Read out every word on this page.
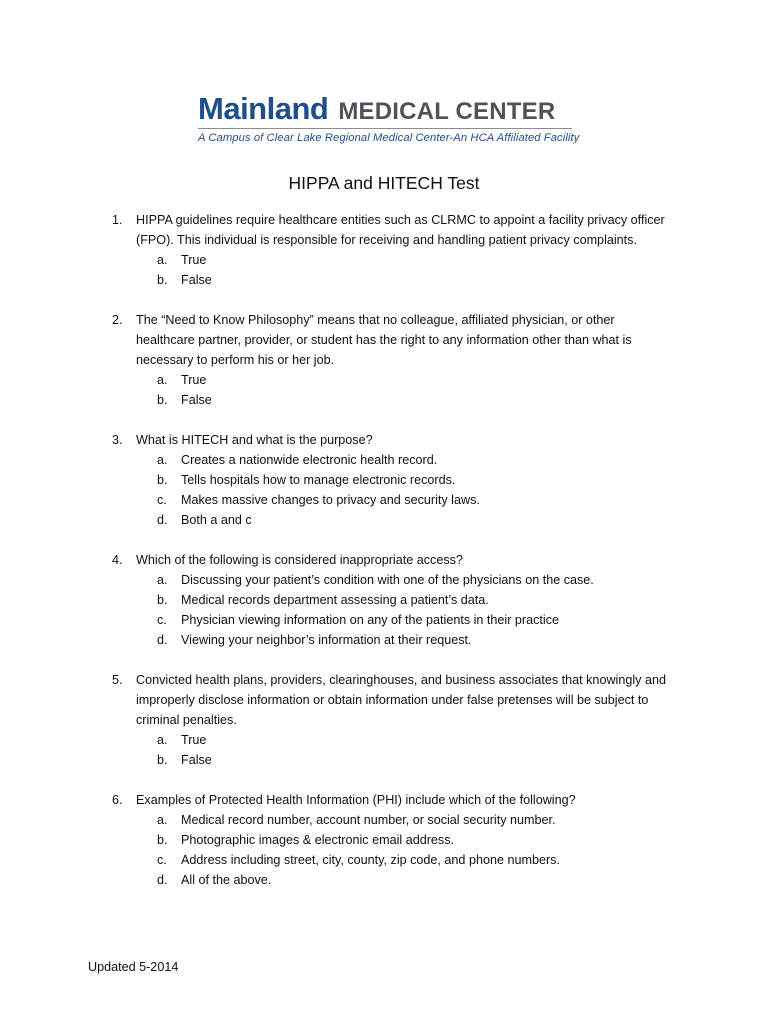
Mainland MEDICAL CENTER
A Campus of Clear Lake Regional Medical Center-An HCA Affiliated Facility
HIPPA and HITECH Test
1.	HIPPA guidelines require healthcare entities such as CLRMC to appoint a facility privacy officer (FPO). This individual is responsible for receiving and handling patient privacy complaints.

a.	True
b.	False
2.	The “Need to Know Philosophy” means that no colleague, affiliated physician, or other healthcare partner, provider, or student has the right to any information other than what is necessary to perform his or her job.

a.	True
b.	False
3.	What is HITECH and what is the purpose?

a.	Creates a nationwide electronic health record.
b.	Tells hospitals how to manage electronic records.
c.	Makes massive changes to privacy and security laws.
d.	Both a and c
4.	Which of the following is considered inappropriate access?

a.	Discussing your patient’s condition with one of the physicians on the case.
b.	Medical records department assessing a patient’s data.
c.	Physician viewing information on any of the patients in their practice
d.	Viewing your neighbor’s information at their request.
5.	Convicted health plans, providers, clearinghouses, and business associates that knowingly and improperly disclose information or obtain information under false pretenses will be subject to criminal penalties.

a.	True
b.	False
6.	Examples of Protected Health Information (PHI) include which of the following?

a.	Medical record number, account number, or social security number.
b.	Photographic images & electronic email address.
c.	Address including street, city, county, zip code, and phone numbers.
d.	All of the above.
Updated 5-2014
